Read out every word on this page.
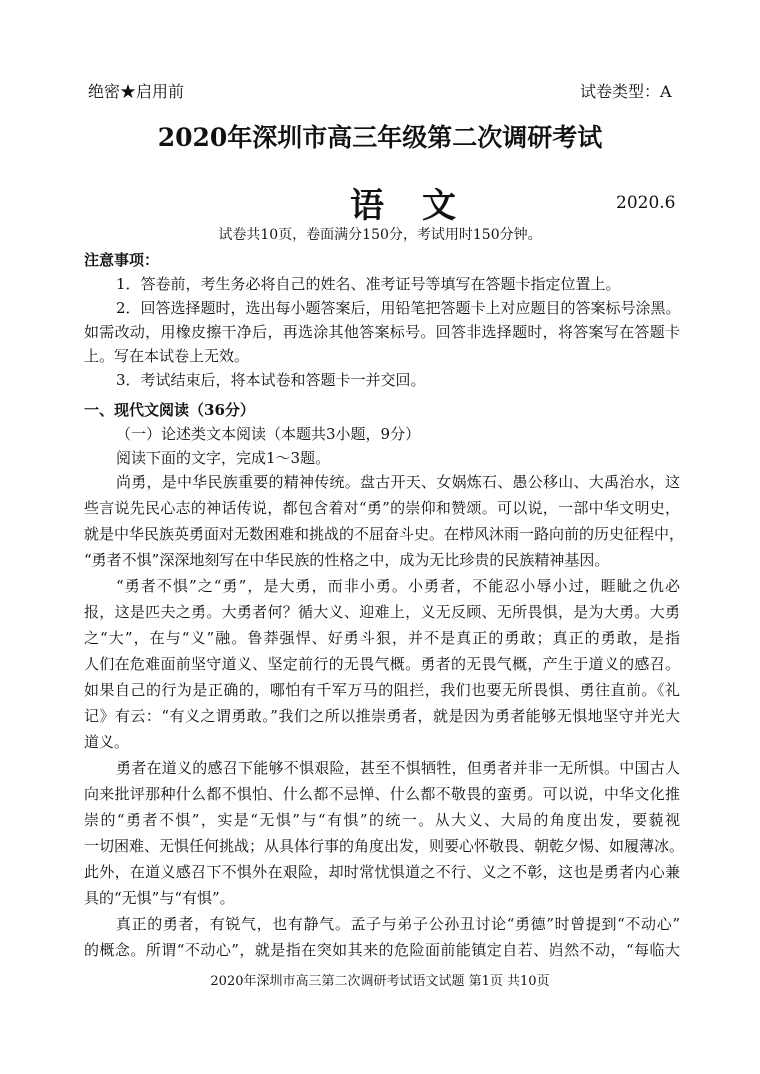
绝密★启用前	试卷类型：A
2020年深圳市高三年级第二次调研考试
语　文	2020.6
试卷共10页，卷面满分150分，考试用时150分钟。
注意事项：
1．答卷前，考生务必将自己的姓名、准考证号等填写在答题卡指定位置上。
2．回答选择题时，选出每小题答案后，用铅笔把答题卡上对应题目的答案标号涂黑。
如需改动，用橡皮擦干净后，再选涂其他答案标号。回答非选择题时，将答案写在答题卡
上。写在本试卷上无效。
3．考试结束后，将本试卷和答题卡一并交回。
一、现代文阅读（36分）
（一）论述类文本阅读（本题共3小题，9分）
阅读下面的文字，完成1～3题。
尚勇，是中华民族重要的精神传统。盘古开天、女娲炼石、愚公移山、大禹治水，这
些言说先民心志的神话传说，都包含着对“勇”的崇仰和赞颂。可以说，一部中华文明史，
就是中华民族英勇面对无数困难和挑战的不屈奋斗史。在栉风沐雨一路向前的历史征程中，
“勇者不惧”深深地刻写在中华民族的性格之中，成为无比珍贵的民族精神基因。
“勇者不惧”之“勇”，是大勇，而非小勇。小勇者，不能忍小辱小过，睚眦之仇必
报，这是匹夫之勇。大勇者何？循大义、迎难上，义无反顾、无所畏惧，是为大勇。大勇
之“大”，在与“义”融。鲁莽强悍、好勇斗狠，并不是真正的勇敢；真正的勇敢，是指
人们在危难面前坚守道义、坚定前行的无畏气概。勇者的无畏气概，产生于道义的感召。
如果自己的行为是正确的，哪怕有千军万马的阻拦，我们也要无所畏惧、勇往直前。《礼
记》有云：“有义之谓勇敢。”我们之所以推崇勇者，就是因为勇者能够无惧地坚守并光大
道义。
勇者在道义的感召下能够不惧艰险，甚至不惧牺牲，但勇者并非一无所惧。中国古人
向来批评那种什么都不惧怕、什么都不忌惮、什么都不敬畏的蛮勇。可以说，中华文化推
崇的“勇者不惧”，实是“无惧”与“有惧”的统一。从大义、大局的角度出发，要藐视
一切困难、无惧任何挑战；从具体行事的角度出发，则要心怀敬畏、朝乾夕惕、如履薄冰。
此外，在道义感召下不惧外在艰险，却时常忧惧道之不行、义之不彰，这也是勇者内心兼
具的“无惧”与“有惧”。
2020年深圳市高三第二次调研考试语文试题 第1页 共10页
真正的勇者，有锐气，也有静气。孟子与弟子公孙丑讨论“勇德”时曾提到“不动心”
的概念。所谓“不动心”，就是指在突如其来的危险面前能镇定自若、岿然不动，“每临大
